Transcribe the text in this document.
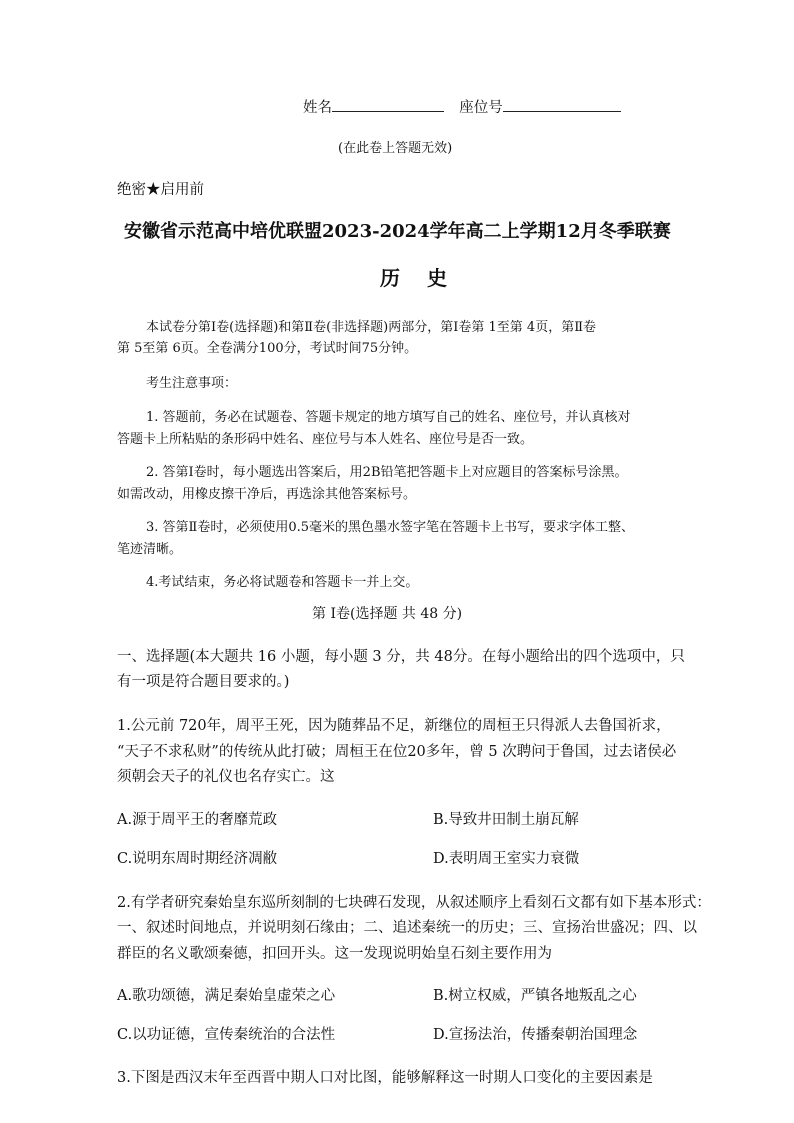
姓名	座位号
(在此卷上答题无效)
绝密★启用前
安徽省示范高中培优联盟2023-2024学年高二上学期12月冬季联赛
历 史
本试卷分第Ⅰ卷(选择题)和第Ⅱ卷(非选择题)两部分，第Ⅰ卷第 1至第 4页，第Ⅱ卷
第 5至第 6页。全卷满分100分，考试时间75分钟。
考生注意事项：
1. 答题前，务必在试题卷、答题卡规定的地方填写自己的姓名、座位号，并认真核对
答题卡上所粘贴的条形码中姓名、座位号与本人姓名、座位号是否一致。
2. 答第Ⅰ卷时，每小题选出答案后，用2B铅笔把答题卡上对应题目的答案标号涂黑。
如需改动，用橡皮擦干净后，再选涂其他答案标号。
3. 答第Ⅱ卷时，必须使用0.5毫米的黑色墨水签字笔在答题卡上书写，要求字体工整、
笔迹清晰。
4.考试结束，务必将试题卷和答题卡一并上交。
第 Ⅰ卷(选择题 共 48 分)
一、选择题(本大题共 16 小题，每小题 3 分，共 48分。在每小题给出的四个选项中，只
有一项是符合题目要求的。)
1.公元前 720年，周平王死，因为随葬品不足，新继位的周桓王只得派人去鲁国祈求，
“天子不求私财”的传统从此打破；周桓王在位20多年，曾 5 次聘问于鲁国，过去诸侯必
须朝会天子的礼仪也名存实亡。这
A.源于周平王的奢靡荒政	B.导致井田制土崩瓦解
C.说明东周时期经济凋敝	D.表明周王室实力衰微
2.有学者研究秦始皇东巡所刻制的七块碑石发现，从叙述顺序上看刻石文都有如下基本形式：
一、叙述时间地点，并说明刻石缘由；二、追述秦统一的历史；三、宣扬治世盛况；四、以
群臣的名义歌颂秦德，扣回开头。这一发现说明始皇石刻主要作用为
A.歌功颂德，满足秦始皇虚荣之心	B.树立权威，严镇各地叛乱之心
C.以功证德，宣传秦统治的合法性	D.宣扬法治，传播秦朝治国理念
3.下图是西汉末年至西晋中期人口对比图，能够解释这一时期人口变化的主要因素是
